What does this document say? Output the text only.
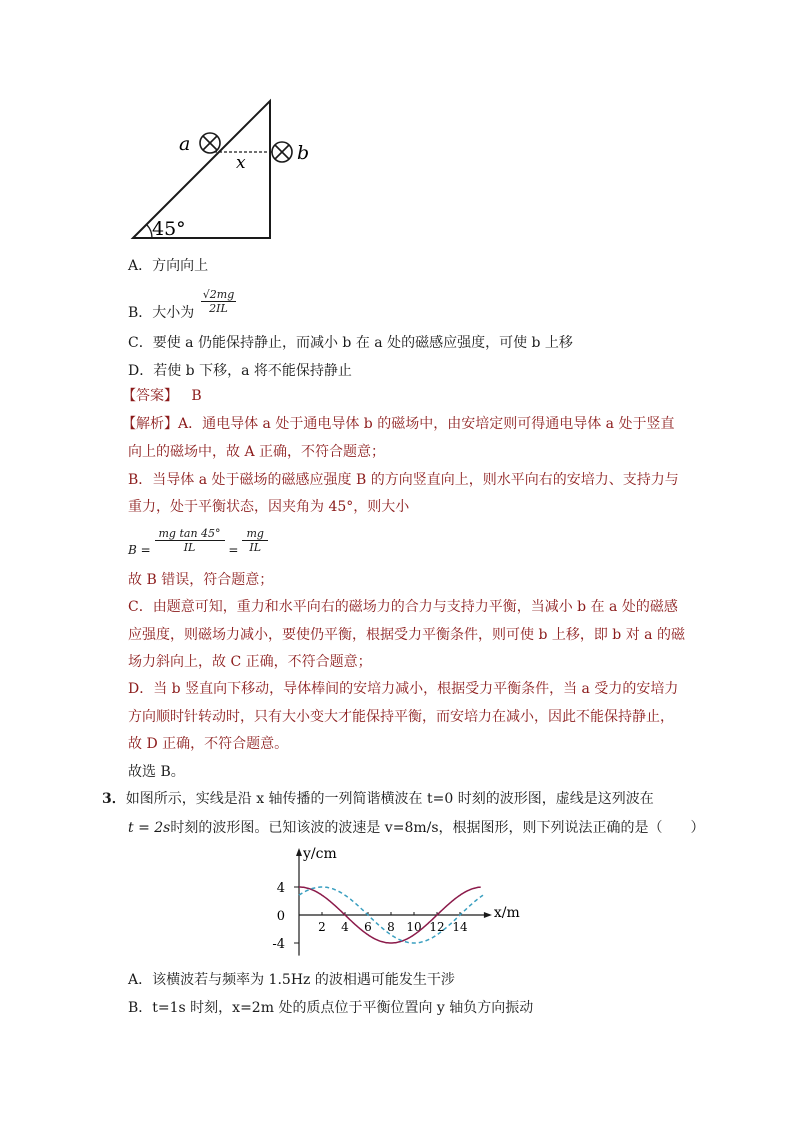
45°
a	b
x
A．方向向上
B．大小为 $\frac{√2mg}{2IL}$
C．要使 a 仍能保持静止，而减小 b 在 a 处的磁感应强度，可使 b 上移
D．若使 b 下移，a 将不能保持静止
【答案】 B
【解析】A．通电导体 a 处于通电导体 b 的磁场中，由安培定则可得通电导体 a 处于竖直
向上的磁场中，故 A 正确，不符合题意；
B．当导体 a 处于磁场的磁感应强度 B 的方向竖直向上，则水平向右的安培力、支持力与
重力，处于平衡状态，因夹角为 45°，则大小
$B = \frac{\text{mg tan 45°}}{IL} = \frac{mg}{IL}$
故 B 错误，符合题意；
C．由题意可知，重力和水平向右的磁场力的合力与支持力平衡，当减小 b 在 a 处的磁感
应强度，则磁场力减小，要使仍平衡，根据受力平衡条件，则可使 b 上移，即 b 对 a 的磁
场力斜向上，故 C 正确，不符合题意；
D．当 b 竖直向下移动，导体棒间的安培力减小，根据受力平衡条件，当 a 受力的安培力
方向顺时针转动时，只有大小变大才能保持平衡，而安培力在减小，因此不能保持静止，
故 D 正确，不符合题意。
故选 B。
3．如图所示，实线是沿 x 轴传播的一列简谐横波在 t=0 时刻的波形图，虚线是这列波在
t = 2s时刻的波形图。已知该波的波速是 v=8m/s，根据图形，则下列说法正确的是（　　）
y/cm
x/m
4
0
-4
2 4 6 8 10 12 14
A．该横波若与频率为 1.5Hz 的波相遇可能发生干涉
B．t=1s 时刻，x=2m 处的质点位于平衡位置向 y 轴负方向振动
